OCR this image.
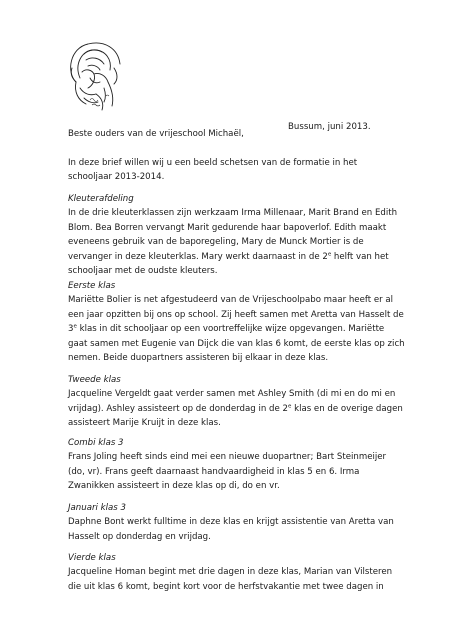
Bussum, juni 2013.
Beste ouders van de vrijeschool Michaël,
In deze brief willen wij u een beeld schetsen van de formatie in het
schooljaar 2013-2014.
Kleuterafdeling
In de drie kleuterklassen zijn werkzaam Irma Millenaar, Marit Brand en Edith
Blom. Bea Borren vervangt Marit gedurende haar bapoverlof. Edith maakt
eveneens gebruik van de baporegeling, Mary de Munck Mortier is de
vervanger in deze kleuterklas. Mary werkt daarnaast in de 2e helft van het
schooljaar met de oudste kleuters.
Eerste klas
Mariëtte Bolier is net afgestudeerd van de Vrijeschoolpabo maar heeft er al
een jaar opzitten bij ons op school. Zij heeft samen met Aretta van Hasselt de
3e klas in dit schooljaar op een voortreffelijke wijze opgevangen. Mariëtte
gaat samen met Eugenie van Dijck die van klas 6 komt, de eerste klas op zich
nemen. Beide duopartners assisteren bij elkaar in deze klas.
Tweede klas
Jacqueline Vergeldt gaat verder samen met Ashley Smith (di mi en do mi en
vrijdag). Ashley assisteert op de donderdag in de 2e klas en de overige dagen
assisteert Marije Kruijt in deze klas.
Combi klas 3
Frans Joling heeft sinds eind mei een nieuwe duopartner; Bart Steinmeijer
(do, vr). Frans geeft daarnaast handvaardigheid in klas 5 en 6. Irma
Zwanikken assisteert in deze klas op di, do en vr.
Januari klas 3
Daphne Bont werkt fulltime in deze klas en krijgt assistentie van Aretta van
Hasselt op donderdag en vrijdag.
Vierde klas
Jacqueline Homan begint met drie dagen in deze klas, Marian van Vilsteren
die uit klas 6 komt, begint kort voor de herfstvakantie met twee dagen in
